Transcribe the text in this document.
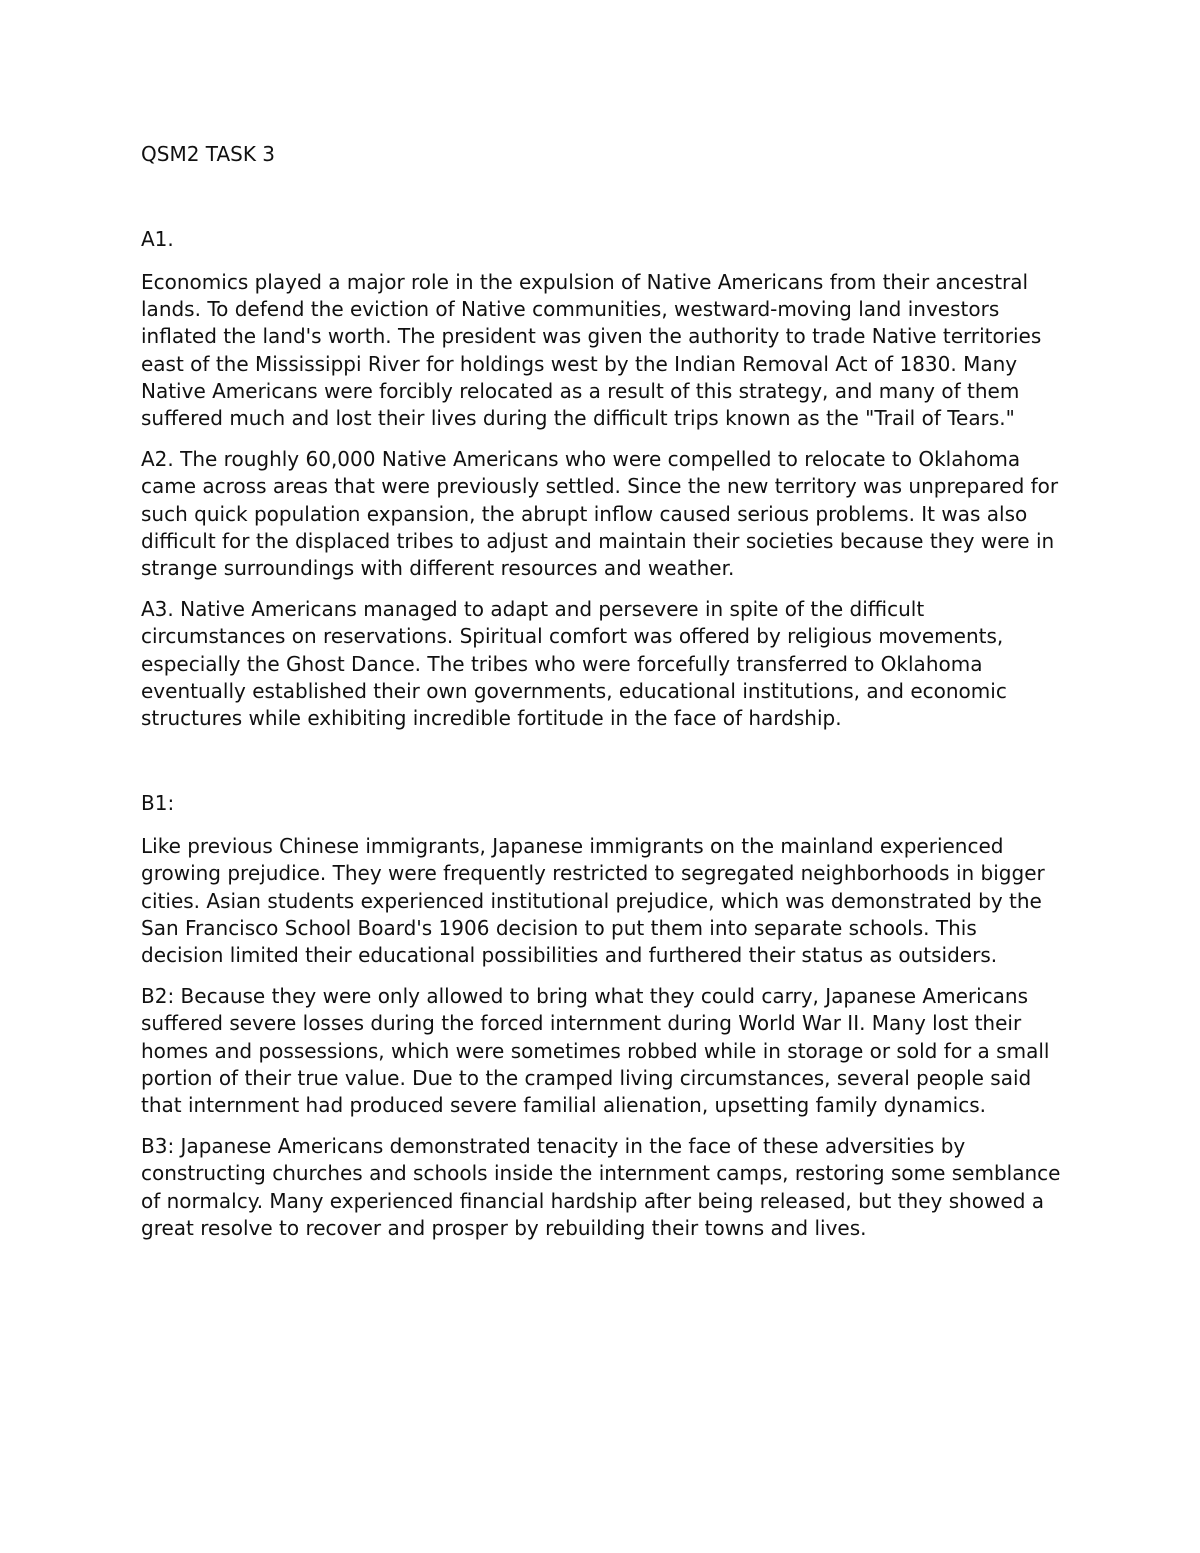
QSM2 TASK 3

A1.

Economics played a major role in the expulsion of Native Americans from their ancestral lands. To defend the eviction of Native communities, westward-moving land investors inflated the land's worth. The president was given the authority to trade Native territories east of the Mississippi River for holdings west by the Indian Removal Act of 1830. Many Native Americans were forcibly relocated as a result of this strategy, and many of them suffered much and lost their lives during the difficult trips known as the "Trail of Tears."

A2. The roughly 60,000 Native Americans who were compelled to relocate to Oklahoma came across areas that were previously settled. Since the new territory was unprepared for such quick population expansion, the abrupt inflow caused serious problems. It was also difficult for the displaced tribes to adjust and maintain their societies because they were in strange surroundings with different resources and weather.

A3. Native Americans managed to adapt and persevere in spite of the difficult circumstances on reservations. Spiritual comfort was offered by religious movements, especially the Ghost Dance. The tribes who were forcefully transferred to Oklahoma eventually established their own governments, educational institutions, and economic structures while exhibiting incredible fortitude in the face of hardship.

B1:

Like previous Chinese immigrants, Japanese immigrants on the mainland experienced growing prejudice. They were frequently restricted to segregated neighborhoods in bigger cities. Asian students experienced institutional prejudice, which was demonstrated by the San Francisco School Board's 1906 decision to put them into separate schools. This decision limited their educational possibilities and furthered their status as outsiders.

B2: Because they were only allowed to bring what they could carry, Japanese Americans suffered severe losses during the forced internment during World War II. Many lost their homes and possessions, which were sometimes robbed while in storage or sold for a small portion of their true value. Due to the cramped living circumstances, several people said that internment had produced severe familial alienation, upsetting family dynamics.

B3: Japanese Americans demonstrated tenacity in the face of these adversities by constructing churches and schools inside the internment camps, restoring some semblance of normalcy. Many experienced financial hardship after being released, but they showed a great resolve to recover and prosper by rebuilding their towns and lives.
